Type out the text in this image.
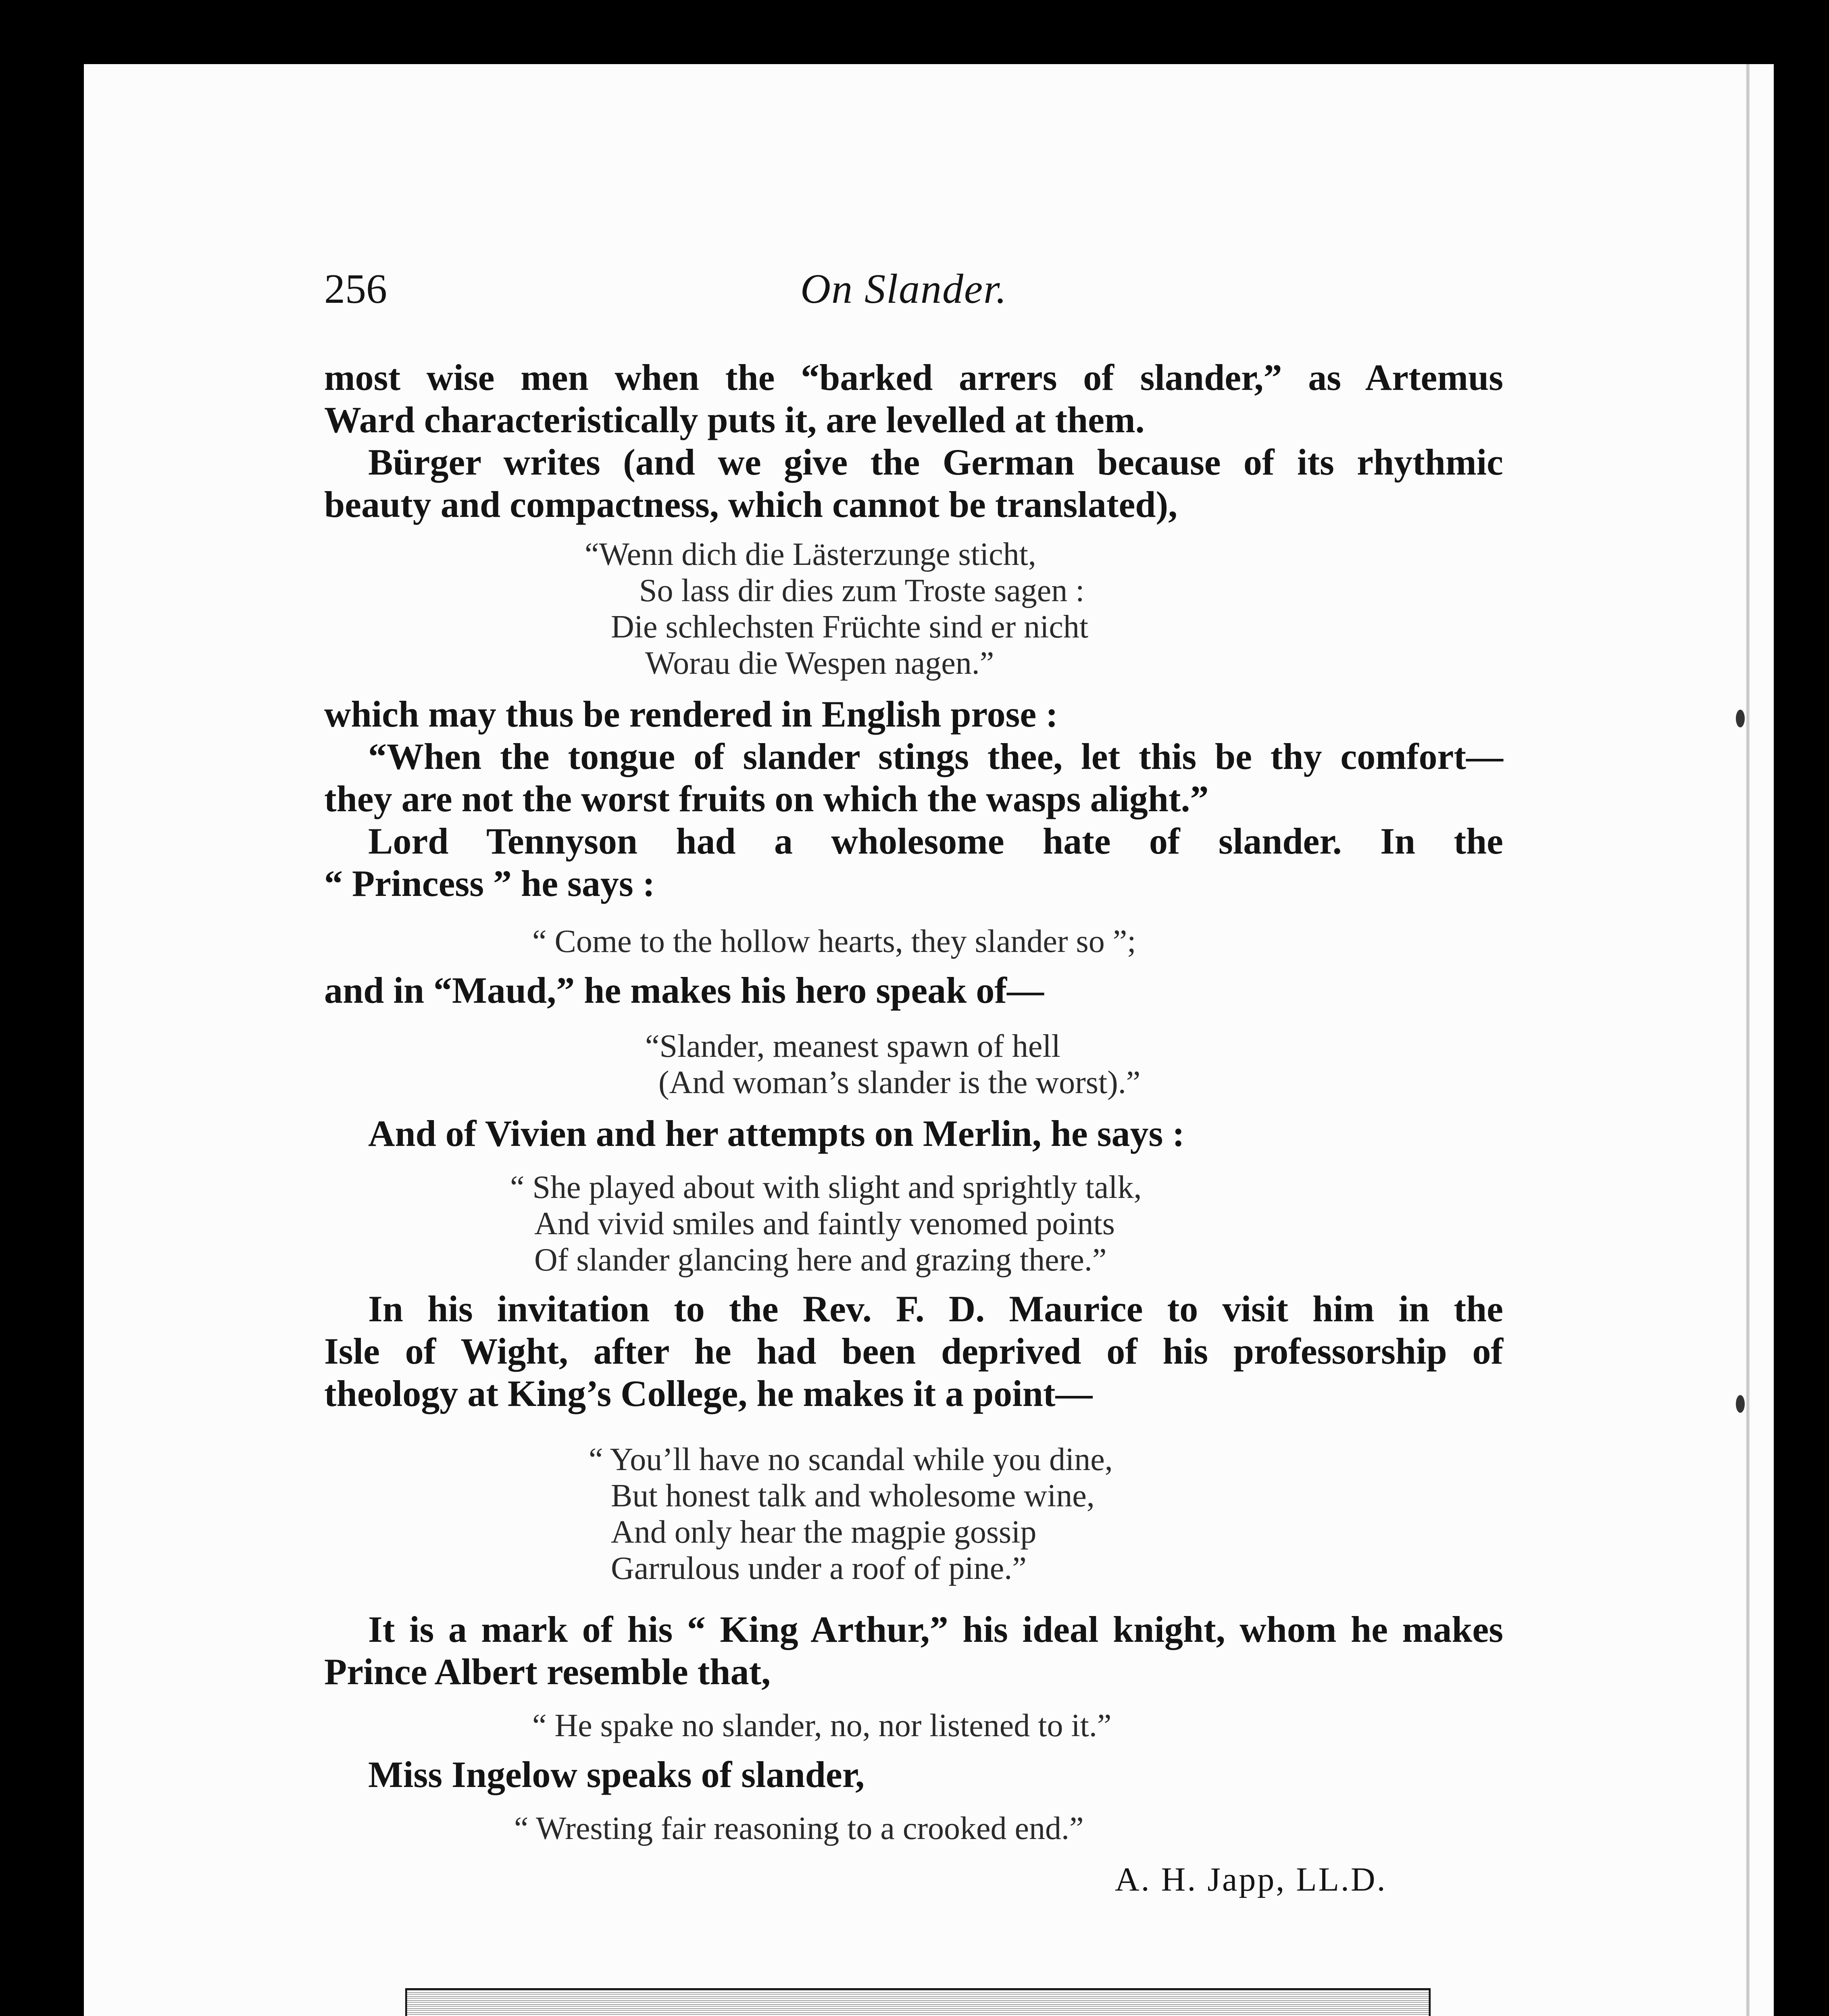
256	On Slander.
most wise men when the “barked arrers of slander,” as Artemus
Ward characteristically puts it, are levelled at them.
Bürger writes (and we give the German because of its rhythmic
beauty and compactness, which cannot be translated),
“Wenn dich die Lästerzunge sticht,
So lass dir dies zum Troste sagen :
Die schlechsten Früchte sind er nicht
Worau die Wespen nagen.”
which may thus be rendered in English prose :
“When the tongue of slander stings thee, let this be thy comfort—
they are not the worst fruits on which the wasps alight.”
Lord Tennyson had a wholesome hate of slander. In the
“ Princess ” he says :
“ Come to the hollow hearts, they slander so ”;
and in “Maud,” he makes his hero speak of—
“Slander, meanest spawn of hell
(And woman’s slander is the worst).”
And of Vivien and her attempts on Merlin, he says :
“ She played about with slight and sprightly talk,
And vivid smiles and faintly venomed points
Of slander glancing here and grazing there.”
In his invitation to the Rev. F. D. Maurice to visit him in the
Isle of Wight, after he had been deprived of his professorship of
theology at King’s College, he makes it a point—
“ You’ll have no scandal while you dine,
But honest talk and wholesome wine,
And only hear the magpie gossip
Garrulous under a roof of pine.”
It is a mark of his “ King Arthur,” his ideal knight, whom he makes
Prince Albert resemble that,
“ He spake no slander, no, nor listened to it.”
Miss Ingelow speaks of slander,
“ Wresting fair reasoning to a crooked end.”
A. H. Japp, LL.D.
